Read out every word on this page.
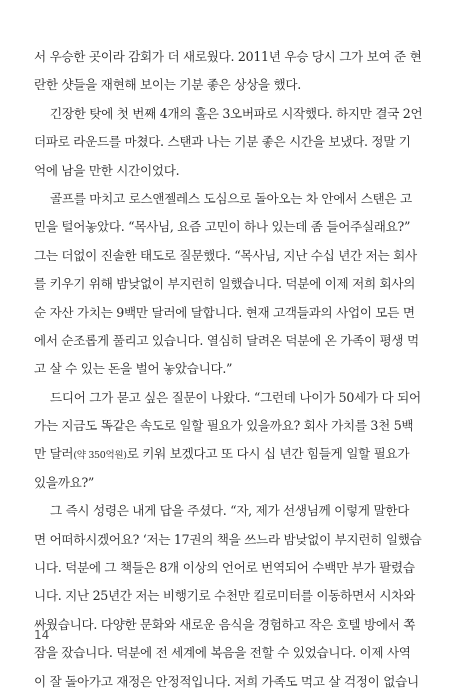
서 우승한 곳이라 감회가 더 새로웠다. 2011년 우승 당시 그가 보여 준 현
란한 샷들을 재현해 보이는 기분 좋은 상상을 했다.
긴장한 탓에 첫 번째 4개의 홀은 3오버파로 시작했다. 하지만 결국 2언
더파로 라운드를 마쳤다. 스탠과 나는 기분 좋은 시간을 보냈다. 정말 기
억에 남을 만한 시간이었다.
골프를 마치고 로스앤젤레스 도심으로 돌아오는 차 안에서 스탠은 고
민을 털어놓았다. “목사님, 요즘 고민이 하나 있는데 좀 들어주실래요?”
그는 더없이 진솔한 태도로 질문했다. “목사님, 지난 수십 년간 저는 회사
를 키우기 위해 밤낮없이 부지런히 일했습니다. 덕분에 이제 저희 회사의
순 자산 가치는 9백만 달러에 달합니다. 현재 고객들과의 사업이 모든 면
에서 순조롭게 풀리고 있습니다. 열심히 달려온 덕분에 온 가족이 평생 먹
고 살 수 있는 돈을 벌어 놓았습니다.”
드디어 그가 묻고 싶은 질문이 나왔다. “그런데 나이가 50세가 다 되어
가는 지금도 똑같은 속도로 일할 필요가 있을까요? 회사 가치를 3천 5백
만 달러(약 350억원)로 키워 보겠다고 또 다시 십 년간 힘들게 일할 필요가
있을까요?”
그 즉시 성령은 내게 답을 주셨다. “자, 제가 선생님께 이렇게 말한다
면 어떠하시겠어요? ‘저는 17권의 책을 쓰느라 밤낮없이 부지런히 일했습
니다. 덕분에 그 책들은 8개 이상의 언어로 번역되어 수백만 부가 팔렸습
니다. 지난 25년간 저는 비행기로 수천만 킬로미터를 이동하면서 시차와
싸웠습니다. 다양한 문화와 새로운 음식을 경험하고 작은 호텔 방에서 쪽
잠을 잤습니다. 덕분에 전 세계에 복음을 전할 수 있었습니다. 이제 사역
이 잘 돌아가고 재정은 안정적입니다. 저희 가족도 먹고 살 걱정이 없습니
14
